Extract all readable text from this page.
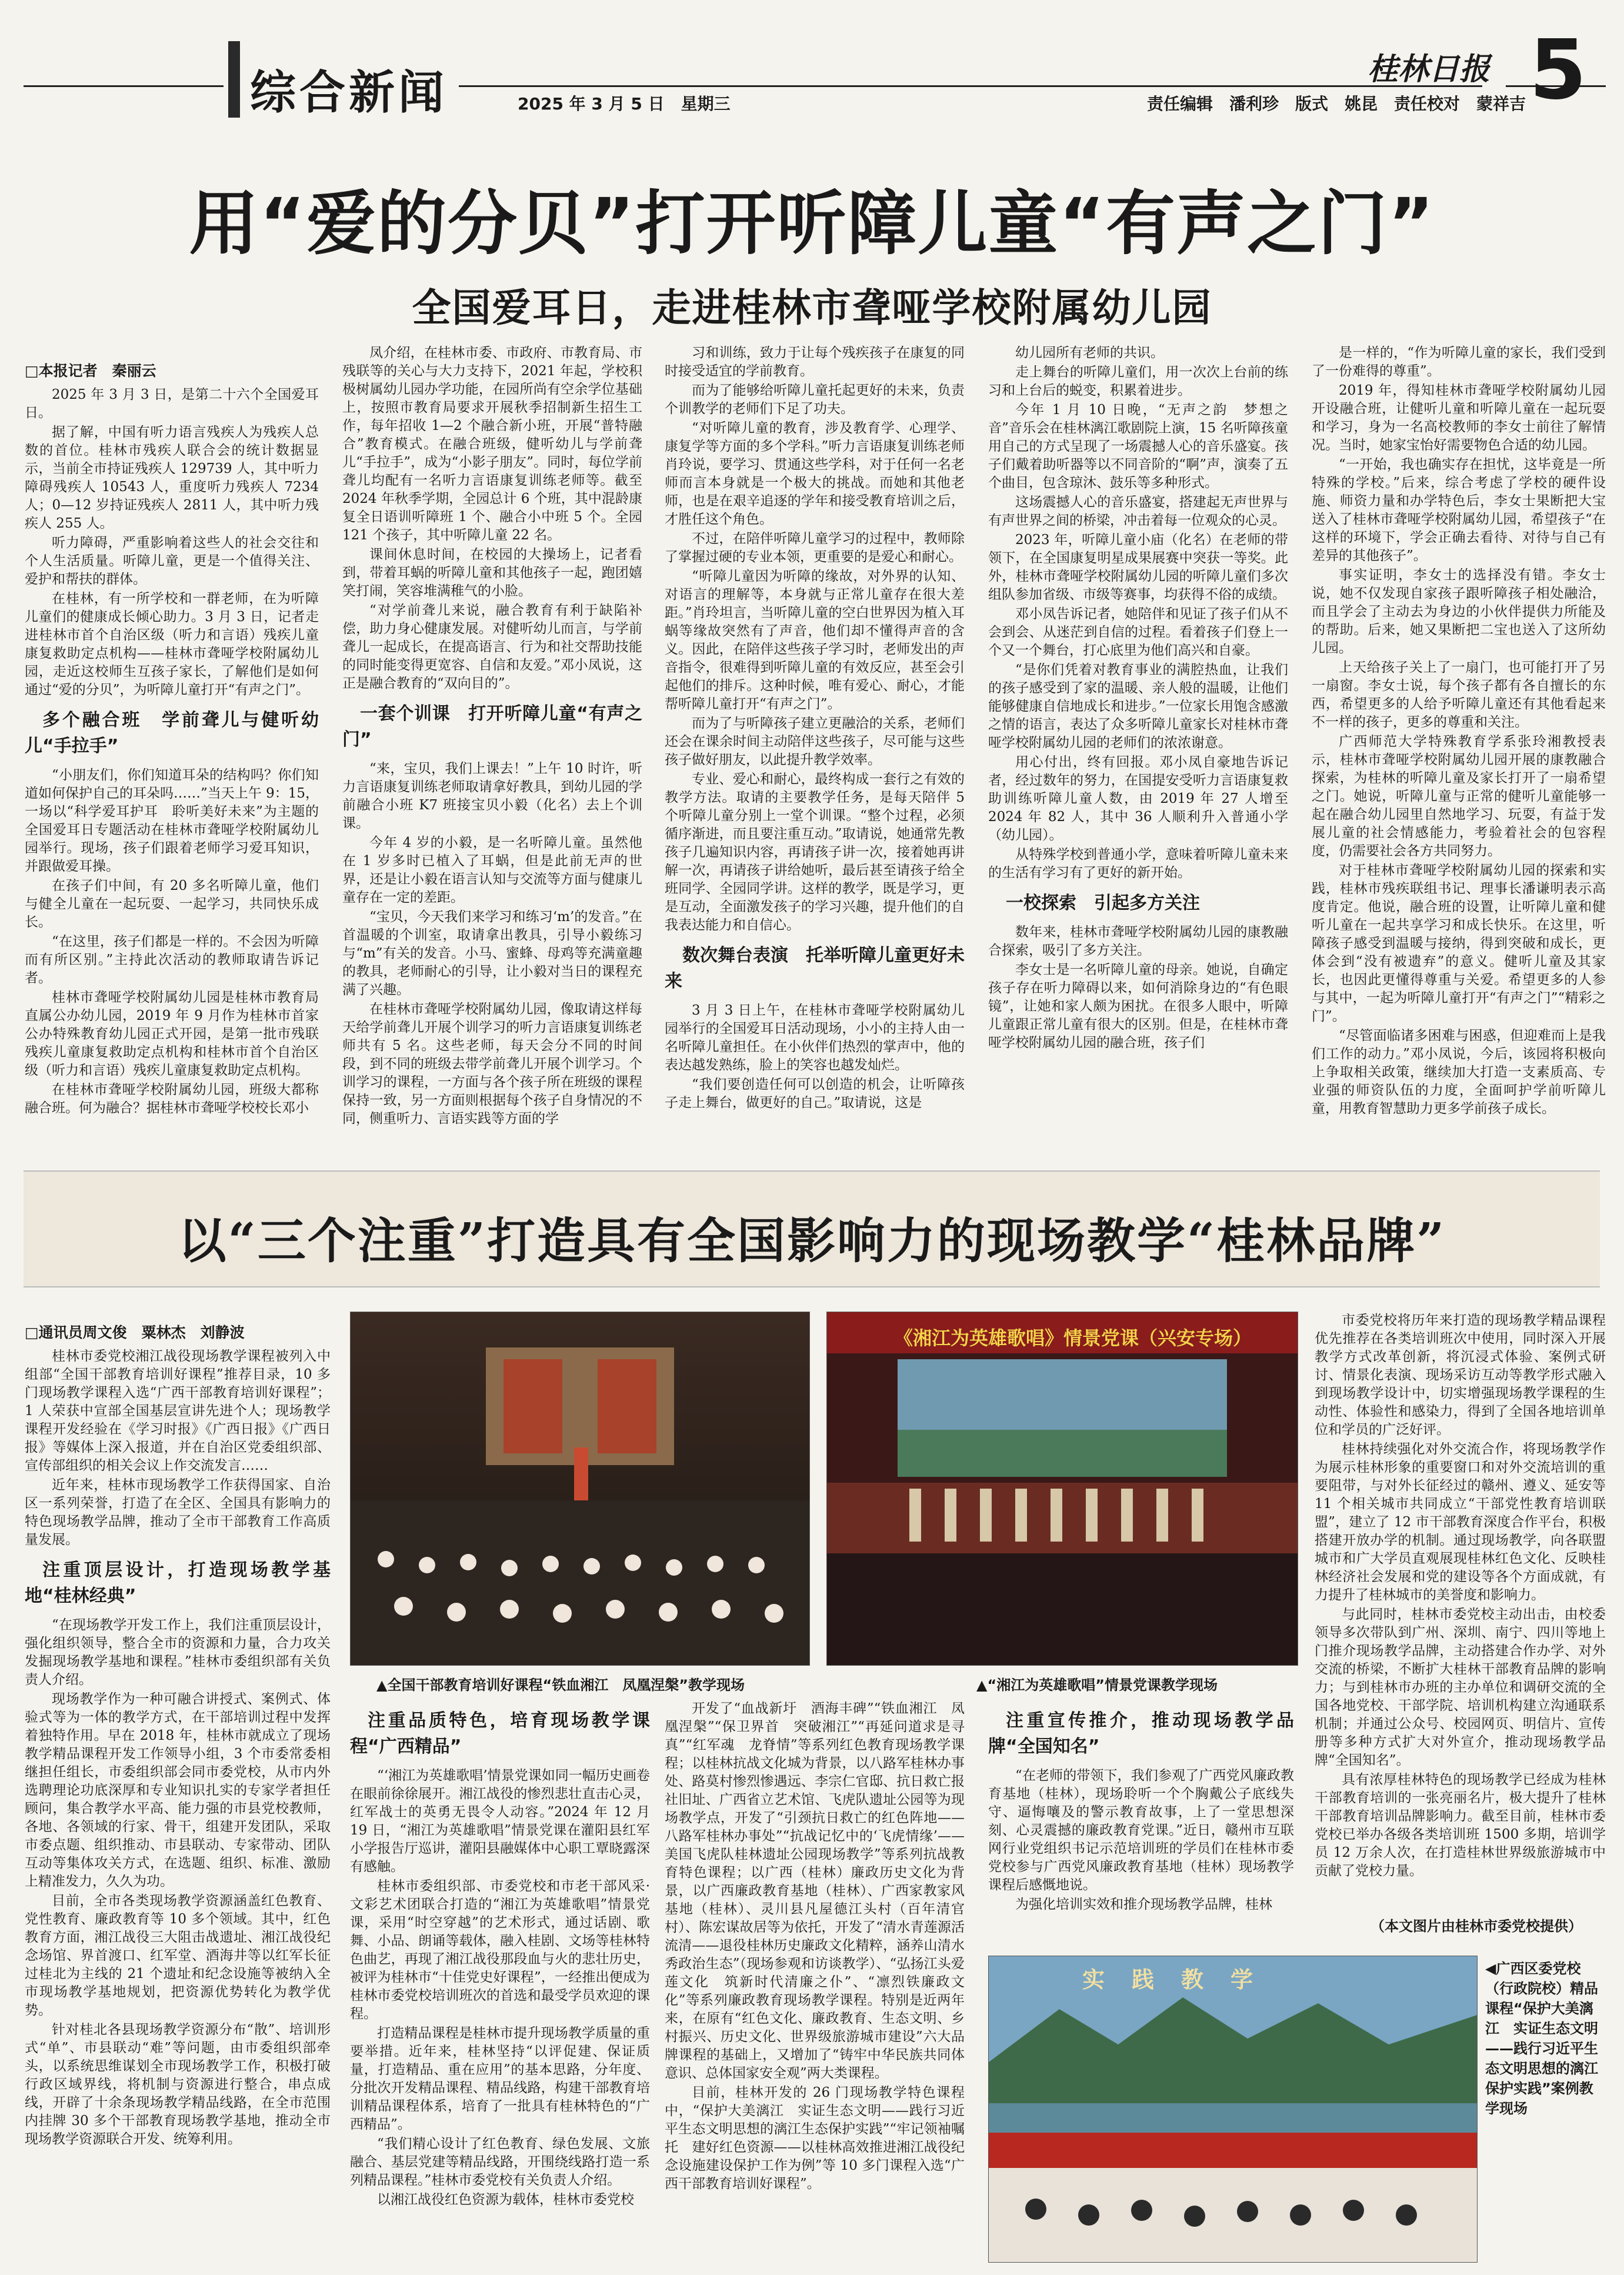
综合新闻	2025 年 3 月 5 日　星期三
桂林日报
责任编辑　潘利珍　版式　姚昆　责任校对　蒙祥吉 5
用“爱的分贝”打开听障儿童“有声之门”
全国爱耳日，走进桂林市聋哑学校附属幼儿园
□本报记者　秦丽云

2025 年 3 月 3 日，是第二十六个全国爱耳日。

据了解，中国有听力语言残疾人为残疾人总数的首位。桂林市残疾人联合会的统计数据显示，当前全市持证残疾人 129739 人，其中听力障碍残疾人 10543 人，重度听力残疾人 7234 人；0—12 岁持证残疾人 2811 人，其中听力残疾人 255 人。

听力障碍，严重影响着这些人的社会交往和个人生活质量。听障儿童，更是一个值得关注、爱护和帮扶的群体。

在桂林，有一所学校和一群老师，在为听障儿童们的健康成长倾心助力。3 月 3 日，记者走进桂林市首个自治区级（听力和言语）残疾儿童康复救助定点机构——桂林市聋哑学校附属幼儿园，走近这校师生互孩子家长，了解他们是如何通过“爱的分贝”，为听障儿童打开“有声之门”。

多个融合班　学前聋儿与健听幼儿“手拉手”

“小朋友们，你们知道耳朵的结构吗？你们知道如何保护自己的耳朵吗……”当天上午 9：15，一场以“科学爱耳护耳　聆听美好未来”为主题的全国爱耳日专题活动在桂林市聋哑学校附属幼儿园举行。现场，孩子们跟着老师学习爱耳知识，并跟做爱耳操。

在孩子们中间，有 20 多名听障儿童，他们与健全儿童在一起玩耍、一起学习，共同快乐成长。

“在这里，孩子们都是一样的。不会因为听障而有所区别。”主持此次活动的教师取请告诉记者。

桂林市聋哑学校附属幼儿园是桂林市教育局直属公办幼儿园，2019 年 9 月作为桂林市首家公办特殊教育幼儿园正式开园，是第一批市残联残疾儿童康复救助定点机构和桂林市首个自治区级（听力和言语）残疾儿童康复救助定点机构。

在桂林市聋哑学校附属幼儿园，班级大都称融合班。何为融合？据桂林市聋哑学校校长邓小

凤介绍，在桂林市委、市政府、市教育局、市残联等的关心与大力支持下，2021 年起，学校积极树属幼儿园办学功能，在园所尚有空余学位基础上，按照市教育局要求开展秋季招制新生招生工作，每年招收 1—2 个融合新小班，开展“普特融合”教育模式。在融合班级，健听幼儿与学前聋儿“手拉手”，成为“小影子朋友”。同时，每位学前聋儿均配有一名听力言语康复训练老师等。截至 2024 年秋季学期，全园总计 6 个班，其中混龄康复全日语训听障班 1 个、融合小中班 5 个。全园 121 个孩子，其中听障儿童 22 名。

课间休息时间，在校园的大操场上，记者看到，带着耳蜗的听障儿童和其他孩子一起，跑团嬉笑打闹，笑容堆满稚气的小脸。

“对学前聋儿来说，融合教育有利于缺陷补偿，助力身心健康发展。对健听幼儿而言，与学前聋儿一起成长，在提高语言、行为和社交帮助技能的同时能变得更宽容、自信和友爱。”邓小凤说，这正是融合教育的“双向目的”。

一套个训课　打开听障儿童“有声之门”

“来，宝贝，我们上课去！”上午 10 时许，听力言语康复训练老师取请拿好教具，到幼儿园的学前融合小班 K7 班接宝贝小毅（化名）去上个训课。

今年 4 岁的小毅，是一名听障儿童。虽然他在 1 岁多时已植入了耳蜗，但是此前无声的世界，还是让小毅在语言认知与交流等方面与健康儿童存在一定的差距。

“宝贝，今天我们来学习和练习‘m’的发音。”在首温暖的个训室，取请拿出教具，引导小毅练习与“m”有关的发音。小马、蜜蜂、母鸡等充满童趣的教具，老师耐心的引导，让小毅对当日的课程充满了兴趣。

在桂林市聋哑学校附属幼儿园，像取请这样每天给学前聋儿开展个训学习的听力言语康复训练老师共有 5 名。这些老师，每天会分不同的时间段，到不同的班级去带学前聋儿开展个训学习。个训学习的课程，一方面与各个孩子所在班级的课程保持一致，另一方面则根据每个孩子自身情况的不同，侧重听力、言语实践等方面的学

习和训练，致力于让每个残疾孩子在康复的同时接受适宜的学前教育。

而为了能够给听障儿童托起更好的未来，负责个训教学的老师们下足了功夫。

“对听障儿童的教育，涉及教育学、心理学、康复学等方面的多个学科。”听力言语康复训练老师肖玲说，要学习、贯通这些学科，对于任何一名老师而言本身就是一个极大的挑战。而她和其他老师，也是在艰辛追逐的学年和接受教育培训之后，才胜任这个角色。

不过，在陪伴听障儿童学习的过程中，教师除了掌握过硬的专业本领，更重要的是爱心和耐心。

“听障儿童因为听障的缘故，对外界的认知、对语言的理解等，本身就与正常儿童存在很大差距。”肖玲坦言，当听障儿童的空白世界因为植入耳蜗等缘故突然有了声音，他们却不懂得声音的含义。因此，在陪伴这些孩子学习时，老师发出的声音指令，很难得到听障儿童的有效反应，甚至会引起他们的排斥。这种时候，唯有爱心、耐心，才能帮听障儿童打开“有声之门”。

而为了与听障孩子建立更融洽的关系，老师们还会在课余时间主动陪伴这些孩子，尽可能与这些孩子做好朋友，以此提升教学效率。

专业、爱心和耐心，最终构成一套行之有效的教学方法。取请的主要教学任务，是每天陪伴 5 个听障儿童分别上一堂个训课。“整个过程，必须循序渐进，而且要注重互动。”取请说，她通常先教孩子几遍知识内容，再请孩子讲一次，接着她再讲解一次，再请孩子讲给她听，最后甚至请孩子给全班同学、全园同学讲。这样的教学，既是学习，更是互动，全面激发孩子的学习兴趣，提升他们的自我表达能力和自信心。

数次舞台表演　托举听障儿童更好未来

3 月 3 日上午，在桂林市聋哑学校附属幼儿园举行的全国爱耳日活动现场，小小的主持人由一名听障儿童担任。在小伙伴们热烈的掌声中，他的表达越发熟练，脸上的笑容也越发灿烂。

“我们要创造任何可以创造的机会，让听障孩子走上舞台，做更好的自己。”取请说，这是

幼儿园所有老师的共识。

走上舞台的听障儿童们，用一次次上台前的练习和上台后的蜕变，积累着进步。

今年 1 月 10 日晚，“无声之韵　梦想之音”音乐会在桂林漓江歌剧院上演，15 名听障孩童用自己的方式呈现了一场震撼人心的音乐盛宴。孩子们戴着助听器等以不同音阶的“啊”声，演奏了五个曲目，包含琼沐、鼓乐等多种形式。

这场震撼人心的音乐盛宴，搭建起无声世界与有声世界之间的桥梁，冲击着每一位观众的心灵。

2023 年，听障儿童小庙（化名）在老师的带领下，在全国康复明星成果展赛中突获一等奖。此外，桂林市聋哑学校附属幼儿园的听障儿童们多次组队参加省级、市级等赛事，均获得不俗的成绩。

邓小凤告诉记者，她陪伴和见证了孩子们从不会到会、从迷茫到自信的过程。看着孩子们登上一个又一个舞台，打心底里为他们高兴和自豪。

“是你们凭着对教育事业的满腔热血，让我们的孩子感受到了家的温暖、亲人般的温暖，让他们能够健康自信地成长和进步。”一位家长用饱含感激之情的语言，表达了众多听障儿童家长对桂林市聋哑学校附属幼儿园的老师们的浓浓谢意。

用心付出，终有回报。邓小凤自豪地告诉记者，经过数年的努力，在国提安受听力言语康复救助训练听障儿童人数，由 2019 年 27 人增至 2024 年 82 人，其中 36 人顺利升入普通小学（幼儿园）。

从特殊学校到普通小学，意味着听障儿童未来的生活有学习有了更好的新开始。

一校探索　引起多方关注

数年来，桂林市聋哑学校附属幼儿园的康教融合探索，吸引了多方关注。

李女士是一名听障儿童的母亲。她说，自确定孩子存在听力障碍以来，如何消除身边的“有色眼镜”，让她和家人颇为困扰。在很多人眼中，听障儿童跟正常儿童有很大的区别。但是，在桂林市聋哑学校附属幼儿园的融合班，孩子们

是一样的，“作为听障儿童的家长，我们受到了一份难得的尊重”。

2019 年，得知桂林市聋哑学校附属幼儿园开设融合班，让健听儿童和听障儿童在一起玩耍和学习，身为一名高校教师的李女士前往了解情况。当时，她家宝怡好需要物色合适的幼儿园。

“一开始，我也确实存在担忧，这毕竟是一所特殊的学校。”后来，综合考虑了学校的硬件设施、师资力量和办学特色后，李女士果断把大宝送入了桂林市聋哑学校附属幼儿园，希望孩子“在这样的环境下，学会正确去看待、对待与自己有差异的其他孩子”。

事实证明，李女士的选择没有错。李女士说，她不仅发现自家孩子跟听障孩子相处融洽，而且学会了主动去为身边的小伙伴提供力所能及的帮助。后来，她又果断把二宝也送入了这所幼儿园。

上天给孩子关上了一扇门，也可能打开了另一扇窗。李女士说，每个孩子都有各自擅长的东西，希望更多的人给予听障儿童还有其他看起来不一样的孩子，更多的尊重和关注。

广西师范大学特殊教育学系张玲湘教授表示，桂林市聋哑学校附属幼儿园开展的康教融合探索，为桂林的听障儿童及家长打开了一扇希望之门。她说，听障儿童与正常的健听儿童能够一起在融合幼儿园里自然地学习、玩耍，有益于发展儿童的社会情感能力，考验着社会的包容程度，仍需要社会各方共同努力。

对于桂林市聋哑学校附属幼儿园的探索和实践，桂林市残疾联组书记、理事长潘谦明表示高度肯定。他说，融合班的设置，让听障儿童和健听儿童在一起共享学习和成长快乐。在这里，听障孩子感受到温暖与接纳，得到突破和成长，更体会到“没有被遗弃”的意义。健听儿童及其家长，也因此更懂得尊重与关爱。希望更多的人参与其中，一起为听障儿童打开“有声之门”“精彩之门”。

“尽管面临诸多困难与困惑，但迎难而上是我们工作的动力。”邓小凤说，今后，该园将积极向上争取相关政策，继续加大打造一支素质高、专业强的师资队伍的力度，全面呵护学前听障儿童，用教育智慧助力更多学前孩子成长。

以“三个注重”打造具有全国影响力的现场教学“桂林品牌”
□通讯员周文俊　粟林杰　刘静波

桂林市委党校湘江战役现场教学课程被列入中组部“全国干部教育培训好课程”推荐目录，10 多门现场教学课程入选“广西干部教育培训好课程”；1 人荣获中宣部全国基层宣讲先进个人；现场教学课程开发经验在《学习时报》《广西日报》《广西日报》等媒体上深入报道，并在自治区党委组织部、宣传部组织的相关会议上作交流发言……

近年来，桂林市现场教学工作获得国家、自治区一系列荣誉，打造了在全区、全国具有影响力的特色现场教学品牌，推动了全市干部教育工作高质量发展。

注重顶层设计，打造现场教学基地“桂林经典”

“在现场教学开发工作上，我们注重顶层设计，强化组织领导，整合全市的资源和力量，合力攻关发掘现场教学基地和课程。”桂林市委组织部有关负责人介绍。

现场教学作为一种可融合讲授式、案例式、体验式等为一体的教学方式，在干部培训过程中发挥着独特作用。早在 2018 年，桂林市就成立了现场教学精品课程开发工作领导小组，3 个市委常委相继担任组长，市委组织部会同市委党校，从市内外选聘理论功底深厚和专业知识扎实的专家学者担任顾问，集合教学水平高、能力强的市县党校教师，各地、各领域的行家、骨干，组建开发团队，采取市委点题、组织推动、市县联动、专家带动、团队互动等集体攻关方式，在选题、组织、标准、激励上精准发力，久久为功。

目前，全市各类现场教学资源涵盖红色教育、党性教育、廉政教育等 10 多个领域。其中，红色教育方面，湘江战役三大阻击战遗址、湘江战役纪念场馆、界首渡口、红军堂、酒海井等以红军长征过桂北为主线的 21 个遗址和纪念设施等被纳入全市现场教学基地规划，把资源优势转化为教学优势。

针对桂北各县现场教学资源分布“散”、培训形式“单”、市县联动“难”等问题，由市委组织部牵头，以系统思维谋划全市现场教学工作，积极打破行政区域界线，将机制与资源进行整合，串点成线，开辟了十余条现场教学精品线路，在全市范围内挂牌 30 多个干部教育现场教学基地，推动全市现场教学资源联合开发、统筹利用。

▲全国干部教育培训好课程“铁血湘江　凤凰涅槃”教学现场
《湘江为英雄歌唱》情景党课（兴安专场）
▲“湘江为英雄歌唱”情景党课教学现场
注重品质特色，培育现场教学课程“广西精品”

“‘湘江为英雄歌唱’情景党课如同一幅历史画卷在眼前徐徐展开。湘江战役的惨烈悲壮直击心灵，红军战士的英勇无畏令人动容。”2024 年 12 月 19 日，“湘江为英雄歌唱”情景党课在灌阳县红军小学报告厅巡讲，灌阳县融媒体中心职工覃晓露深有感触。

桂林市委组织部、市委党校和市老干部风采·文彩艺术团联合打造的“湘江为英雄歌唱”情景党课，采用“时空穿越”的艺术形式，通过话剧、歌舞、小品、朗诵等载体，融入桂剧、文场等桂林特色曲艺，再现了湘江战役那段血与火的悲壮历史，被评为桂林市“十佳党史好课程”，一经推出便成为桂林市委党校培训班次的首选和最受学员欢迎的课程。

打造精品课程是桂林市提升现场教学质量的重要举措。近年来，桂林坚持“以评促建、保证质量，打造精品、重在应用”的基本思路，分年度、分批次开发精品课程、精品线路，构建干部教育培训精品课程体系，培育了一批具有桂林特色的“广西精品”。

“我们精心设计了红色教育、绿色发展、文旅融合、基层党建等精品线路，开围绕线路打造一系列精品课程。”桂林市委党校有关负责人介绍。

以湘江战役红色资源为载体，桂林市委党校

开发了“血战新圩　酒海丰碑”“铁血湘江　凤凰涅槃”“保卫界首　突破湘江”“再延问道求是寻真”“红军魂　龙脊情”等系列红色教育现场教学课程；以桂林抗战文化城为背景，以八路军桂林办事处、路莫村惨烈惨遇远、李宗仁官邸、抗日救亡报社旧址、广西省立艺术馆、飞虎队遗址公园等为现场教学点，开发了“引颈抗日救亡的红色阵地——八路军桂林办事处”“抗战记忆中的‘飞虎情缘’——美国飞虎队桂林遗址公园现场教学”等系列抗战教育特色课程；以广西（桂林）廉政历史文化为背景，以广西廉政教育基地（桂林）、广西家教家风基地（桂林）、灵川县凡屋德江头村（百年清官村）、陈宏谋故居等为依托，开发了“清水青莲源活流清——退役桂林历史廉政文化精粹，涵养山清水秀政治生态”（现场参观和访谈教学）、“弘扬江头爱莲文化　筑新时代清廉之仆”、“凛烈铁廉政文化”等系列廉政教育现场教学课程。特别是近两年来，在原有“红色文化、廉政教育、生态文明、乡村振兴、历史文化、世界级旅游城市建设”六大品牌课程的基础上，又增加了“铸牢中华民族共同体意识、总体国家安全观”两大类课程。

目前，桂林开发的 26 门现场教学特色课程中，“保护大美漓江　实证生态文明——践行习近平生态文明思想的漓江生态保护实践”“牢记领袖嘱托　建好红色资源——以桂林高效推进湘江战役纪念设施建设保护工作为例”等 10 多门课程入选“广西干部教育培训好课程”。

注重宣传推介，推动现场教学品牌“全国知名”

“在老师的带领下，我们参观了广西党风廉政教育基地（桂林），现场聆听一个个胸戴公子底线失守、逼悔嚷及的警示教育故事，上了一堂思想深刻、心灵震撼的廉政教育党课。”近日，赣州市互联网行业党组织书记示范培训班的学员们在桂林市委党校参与广西党风廉政教育基地（桂林）现场教学课程后感慨地说。

为强化培训实效和推介现场教学品牌，桂林

市委党校将历年来打造的现场教学精品课程优先推荐在各类培训班次中使用，同时深入开展教学方式改革创新，将沉浸式体验、案例式研讨、情景化表演、现场采访互动等教学形式融入到现场教学设计中，切实增强现场教学课程的生动性、体验性和感染力，得到了全国各地培训单位和学员的广泛好评。

桂林持续强化对外交流合作，将现场教学作为展示桂林形象的重要窗口和对外交流培训的重要阻带，与对外长征经过的赣州、遵义、延安等 11 个相关城市共同成立“干部党性教育培训联盟”，建立了 12 市干部教育深度合作平台，积极搭建开放办学的机制。通过现场教学，向各联盟城市和广大学员直观展现桂林红色文化、反映桂林经济社会发展和党的建设等各个方面成就，有力提升了桂林城市的美誉度和影响力。

与此同时，桂林市委党校主动出击，由校委领导多次带队到广州、深圳、南宁、四川等地上门推介现场教学品牌，主动搭建合作办学、对外交流的桥梁，不断扩大桂林干部教育品牌的影响力；与到桂林市办班的主办单位和调研交流的全国各地党校、干部学院、培训机构建立沟通联系机制；并通过公众号、校园网页、明信片、宣传册等多种方式扩大对外宣介，推动现场教学品牌“全国知名”。

具有浓厚桂林特色的现场教学已经成为桂林干部教育培训的一张亮丽名片，极大提升了桂林干部教育培训品牌影响力。截至目前，桂林市委党校已举办各级各类培训班 1500 多期，培训学员 12 万余人次，在打造桂林世界级旅游城市中贡献了党校力量。

（本文图片由桂林市委党校提供）
实　践　教　学	◀广西区委党校（行政院校）精品课程“保护大美漓江　实证生态文明——践行习近平生态文明思想的漓江保护实践”案例教学现场
